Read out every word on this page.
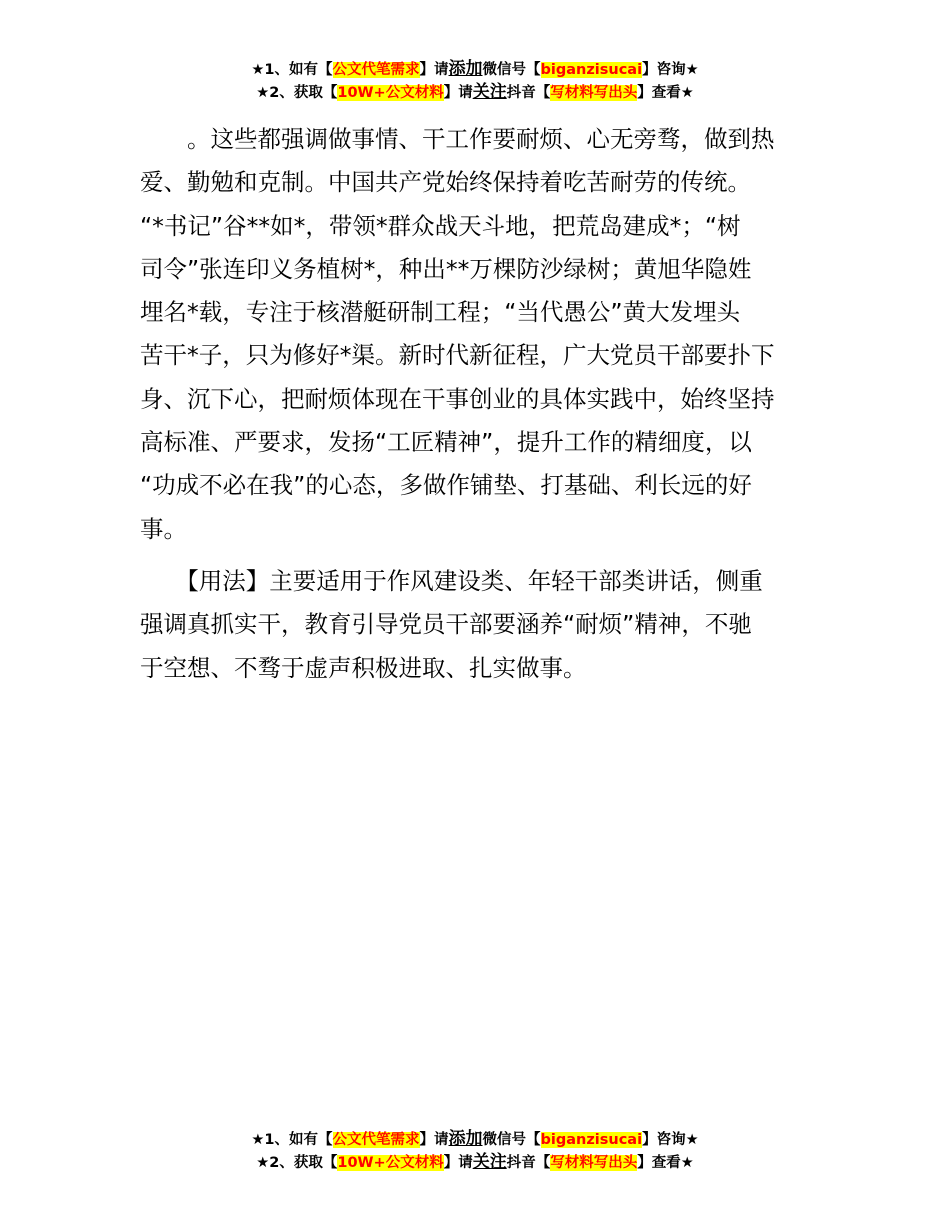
★1、如有【公文代笔需求】请添加微信号【biganzisucai】咨询★
★2、获取【10W+公文材料】请关注抖音【写材料写出头】查看★

　　。这些都强调做事情、干工作要耐烦、心无旁骛，做到热
爱、勤勉和克制。中国共产党始终保持着吃苦耐劳的传统。
“*书记”谷**如*，带领*群众战天斗地，把荒岛建成*；“树
司令”张连印义务植树*，种出**万棵防沙绿树；黄旭华隐姓
埋名*载，专注于核潜艇研制工程；“当代愚公”黄大发埋头
苦干*子，只为修好*渠。新时代新征程，广大党员干部要扑下
身、沉下心，把耐烦体现在干事创业的具体实践中，始终坚持
高标准、严要求，发扬“工匠精神”，提升工作的精细度，以
“功成不必在我”的心态，多做作铺垫、打基础、利长远的好
事。

　　【用法】主要适用于作风建设类、年轻干部类讲话，侧重
强调真抓实干，教育引导党员干部要涵养“耐烦”精神，不驰
于空想、不骛于虚声积极进取、扎实做事。

★1、如有【公文代笔需求】请添加微信号【biganzisucai】咨询★
★2、获取【10W+公文材料】请关注抖音【写材料写出头】查看★
